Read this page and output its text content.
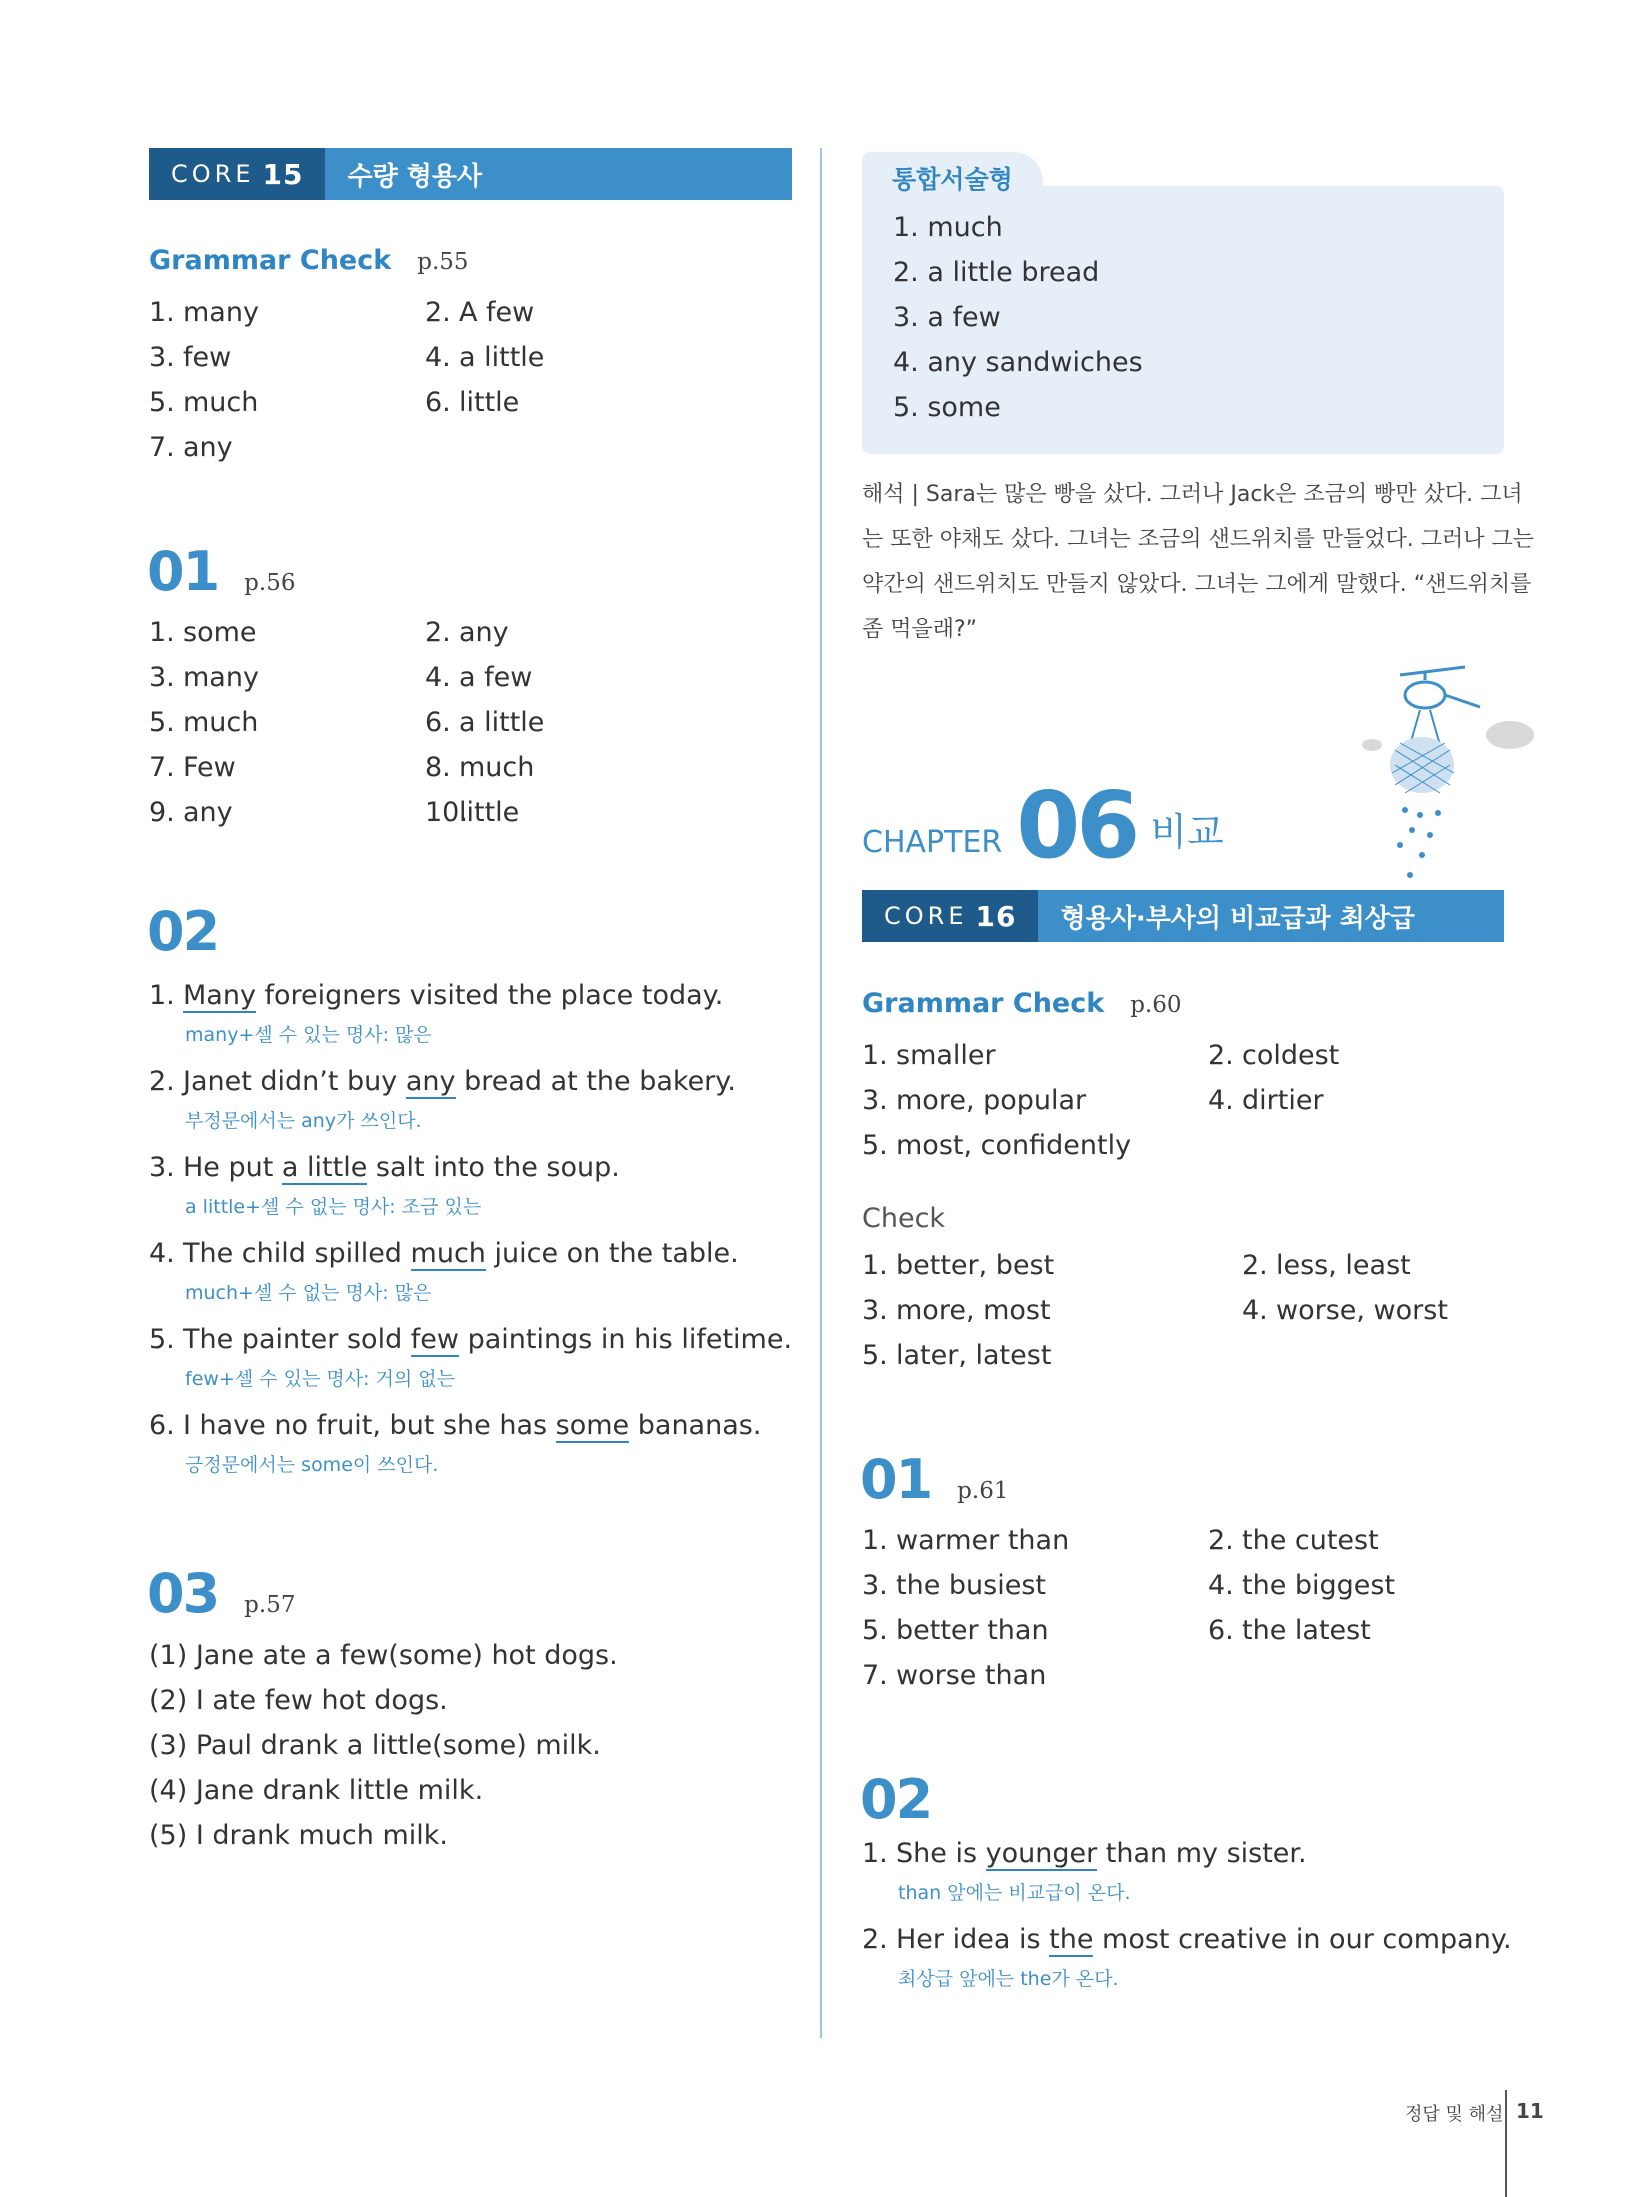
CORE 15	수량 형용사
Grammar Check p.55
1. many	2. A few
3. few	4. a little
5. much	6. little
7. any
01 p.56
1. some	2. any
3. many	4. a few
5. much	6. a little
7. Few	8. much
9. any	10.little
02
1. Many foreigners visited the place today.
many+셀 수 있는 명사: 많은
2. Janet didn’t buy any bread at the bakery.
부정문에서는 any가 쓰인다.
3. He put a little salt into the soup.
a little+셀 수 없는 명사: 조금 있는
4. The child spilled much juice on the table.
much+셀 수 없는 명사: 많은
5. The painter sold few paintings in his lifetime.
few+셀 수 있는 명사: 거의 없는
6. I have no fruit, but she has some bananas.
긍정문에서는 some이 쓰인다.
03 p.57
(1) Jane ate a few(some) hot dogs.
(2) I ate few hot dogs.
(3) Paul drank a little(some) milk.
(4) Jane drank little milk.
(5) I drank much milk.
통합서술형
1. much
2. a little bread
3. a few
4. any sandwiches
5. some
해석 | Sara는 많은 빵을 샀다. 그러나 Jack은 조금의 빵만 샀다. 그녀
는 또한 야채도 샀다. 그녀는 조금의 샌드위치를 만들었다. 그러나 그는
약간의 샌드위치도 만들지 않았다. 그녀는 그에게 말했다. “샌드위치를
좀 먹을래?”
CHAPTER 06 비교
CORE 16	형용사·부사의 비교급과 최상급
Grammar Check p.60
1. smaller	2. coldest
3. more, popular	4. dirtier
5. most, confidently
Check
1. better, best	2. less, least
3. more, most	4. worse, worst
5. later, latest
01 p.61
1. warmer than	2. the cutest
3. the busiest	4. the biggest
5. better than	6. the latest
7. worse than
02
1. She is younger than my sister.
than 앞에는 비교급이 온다.
2. Her idea is the most creative in our company.
최상급 앞에는 the가 온다.
정답 및 해설 11
